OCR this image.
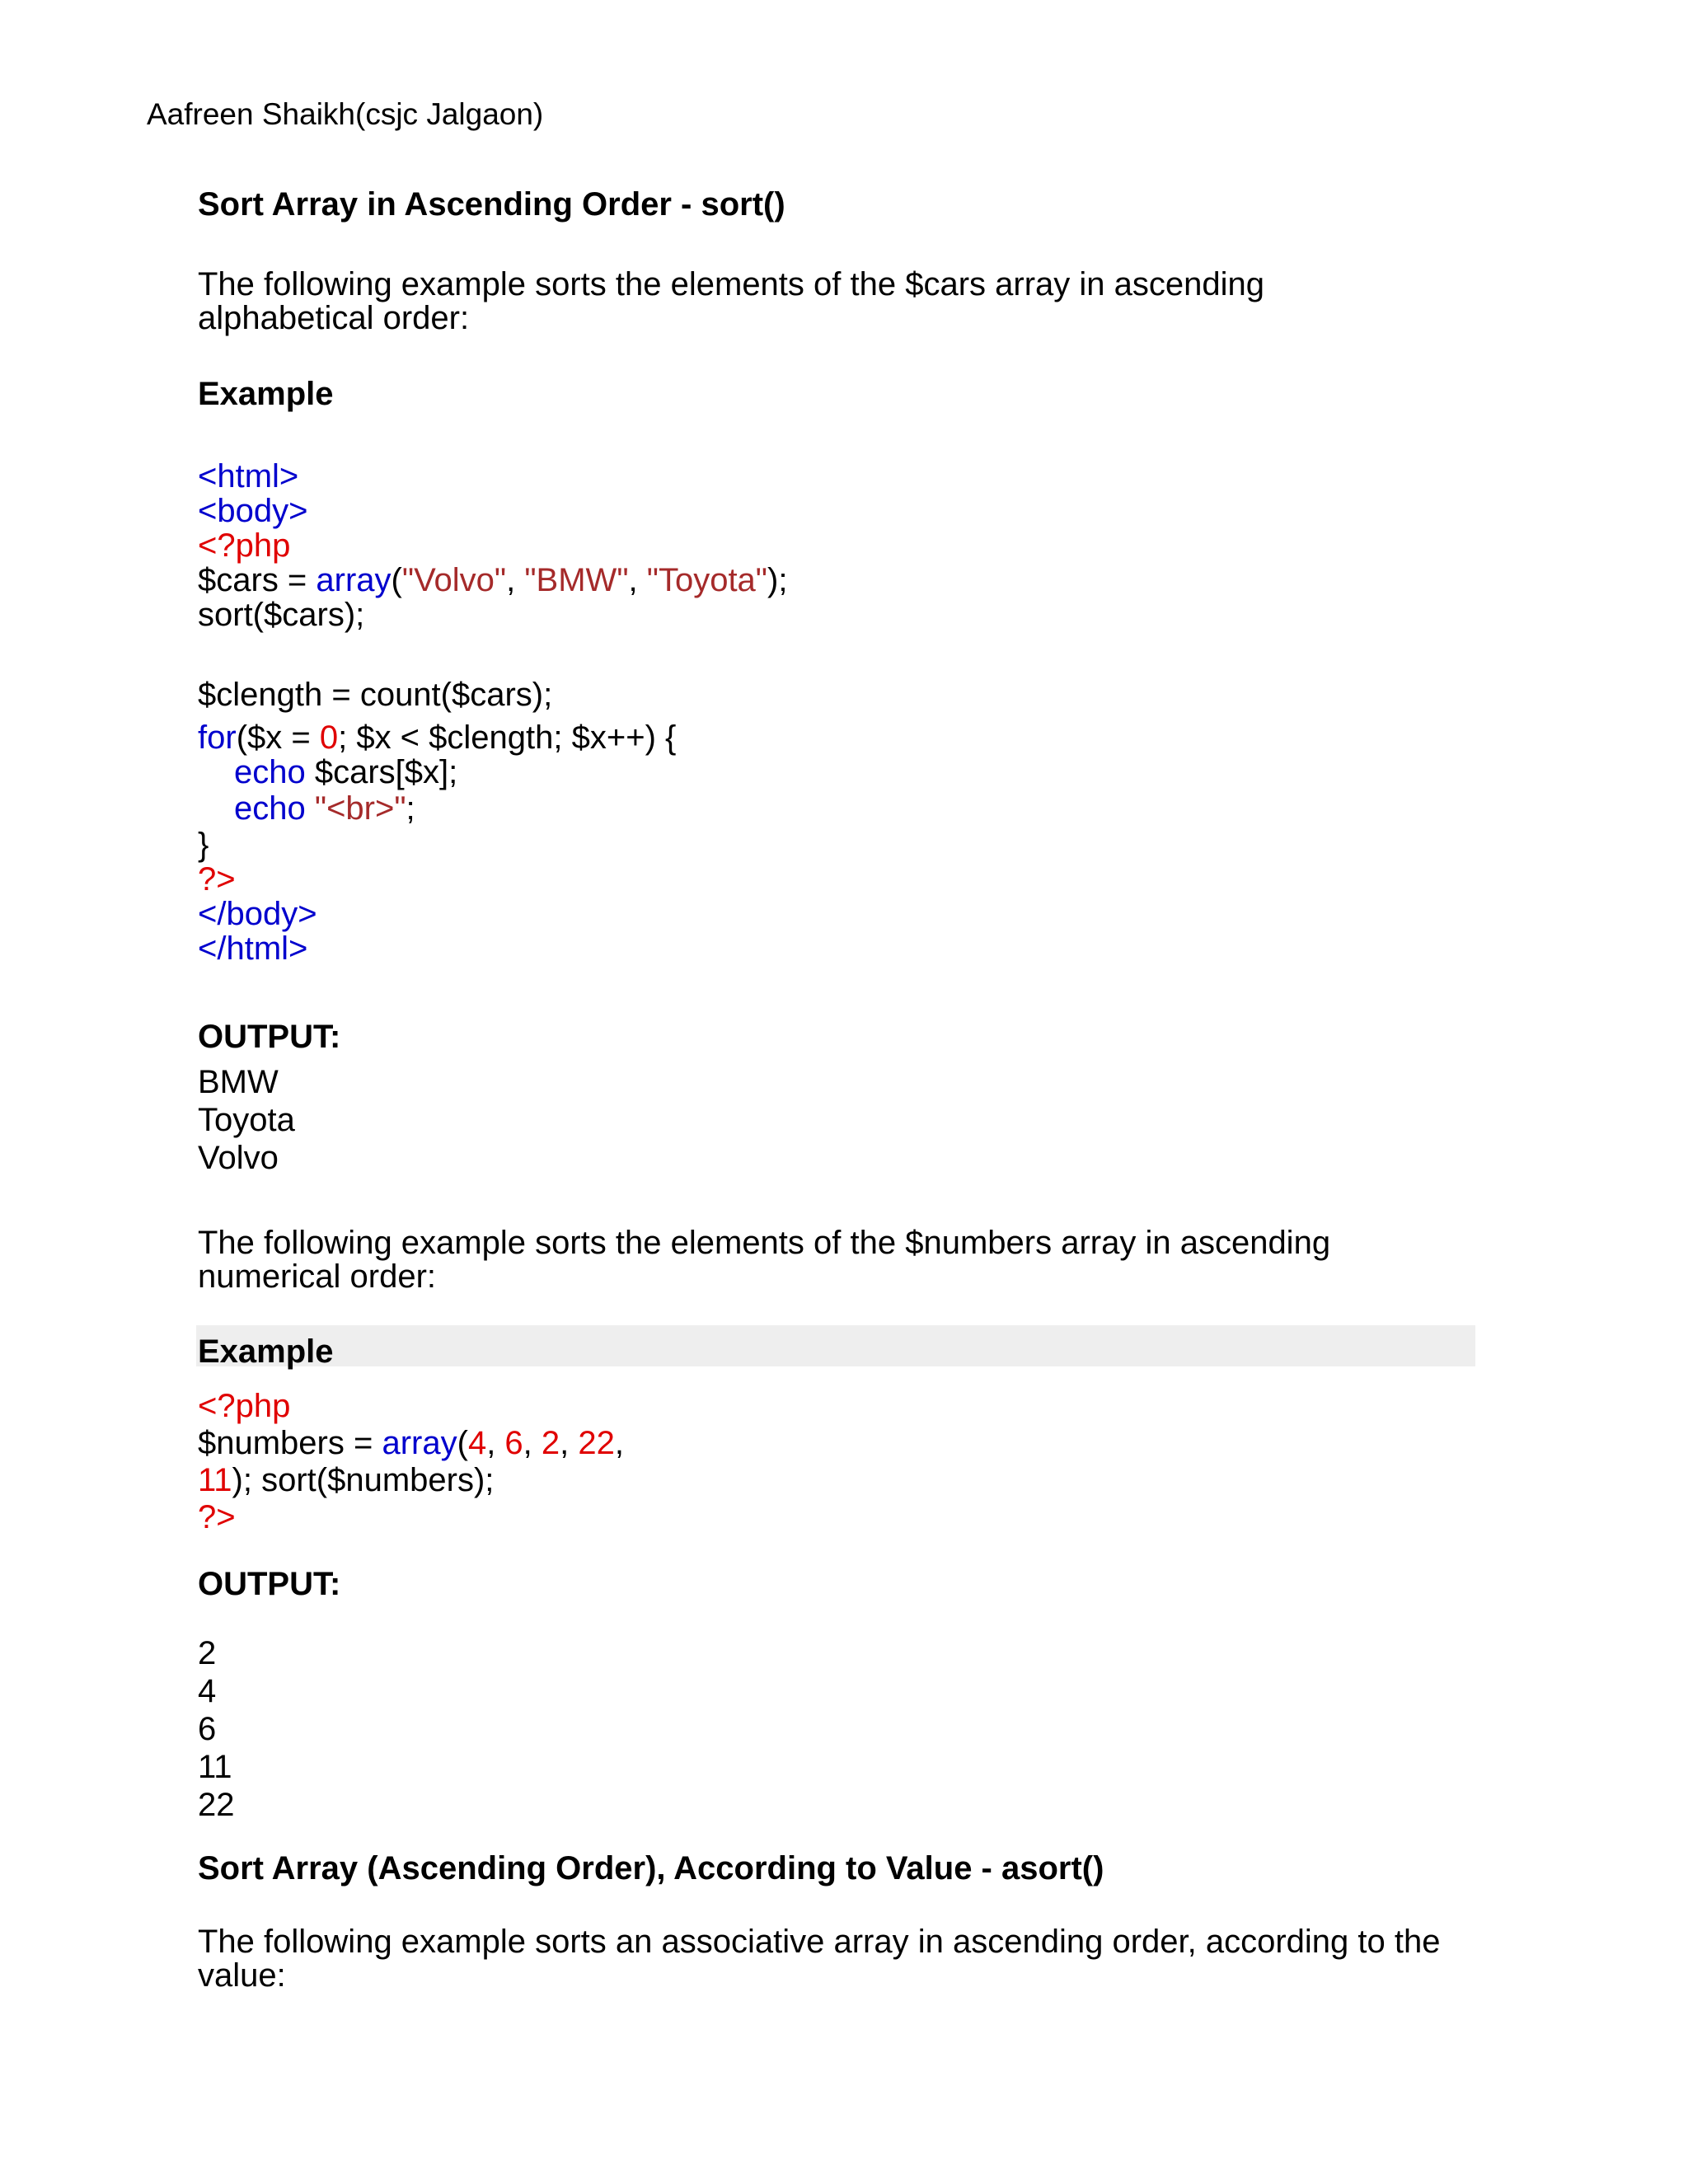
Aafreen Shaikh(csjc Jalgaon)
Sort Array in Ascending Order - sort()
The following example sorts the elements of the $cars array in ascending
alphabetical order:
Example
<html>
<body>
<?php
$cars = array("Volvo", "BMW", "Toyota");
sort($cars);
$clength = count($cars);
for($x = 0; $x < $clength; $x++) {
echo $cars[$x];
echo "<br>";
}
?>
</body>
</html>
OUTPUT:
BMW
Toyota
Volvo
The following example sorts the elements of the $numbers array in ascending
numerical order:
Example
<?php
$numbers = array(4, 6, 2, 22,
11); sort($numbers);
?>
OUTPUT:
2
4
6
11
22
Sort Array (Ascending Order), According to Value - asort()
The following example sorts an associative array in ascending order, according to the
value:
